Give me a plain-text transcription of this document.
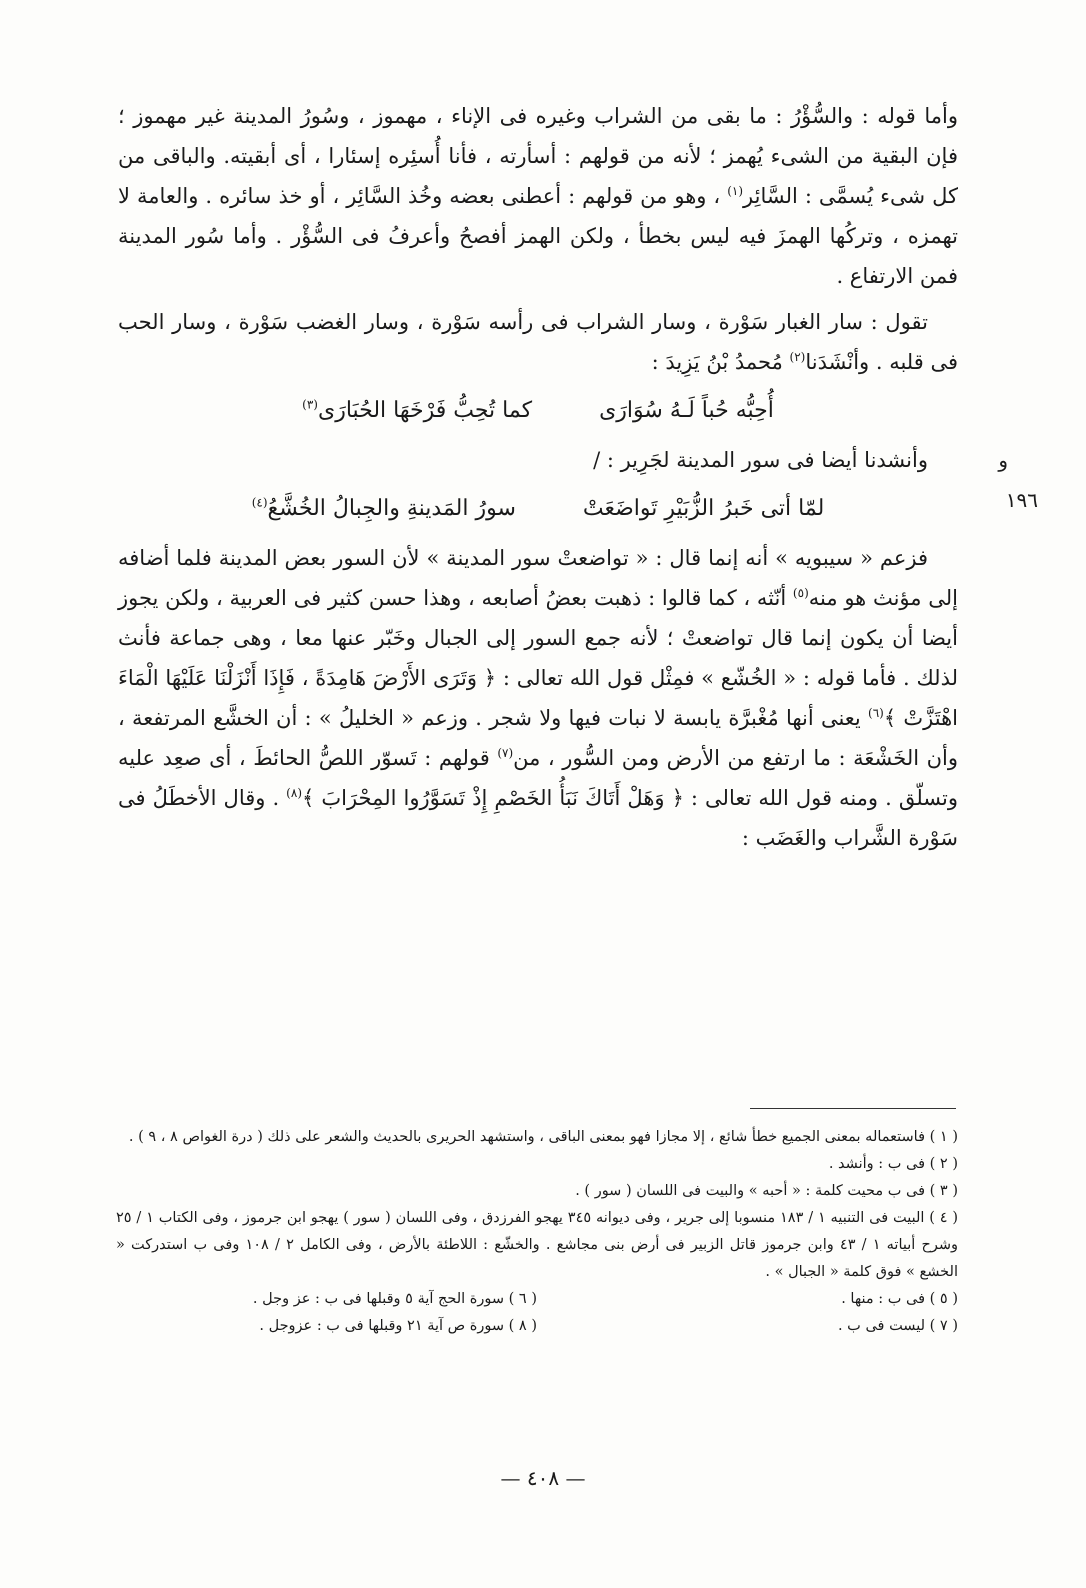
وأما قوله : والسُّؤْرُ : ما بقى من الشراب وغيره فى الإناء ، مهموز ، وسُورُ المدينة غير مهموز ؛ فإن البقية من الشىء يُهمز ؛ لأنه من قولهم : أسأرته ، فأنا أُسئِره إسئارا ، أى أبقيته. والباقى من كل شىء يُسمَّى : السَّائِر$^{(١)}$ ، وهو من قولهم : أعطنى بعضه وخُذ السَّائِر ، أو خذ سائره . والعامة لا تهمزه ، وتركُها الهمزَ فيه ليس بخطأ ، ولكن الهمز أفصحُ وأعرفُ فى السُّؤْر . وأما سُور المدينة فمن الارتفاع .

تقول : سار الغبار سَوْرة ، وسار الشراب فى رأسه سَوْرة ، وسار الغضب سَوْرة ، وسار الحب فى قلبه . وأنْشَدَنا$^{(٢)}$ مُحمدُ بْنُ يَزِيدَ :

أُحِبُّه حُباً لَـهُ سُوَارَى كما تُحِبُّ فَرْخَهَا الحُبَارَى$^{(٣)}$

و ١٩٦
وأنشدنا أيضا فى سور المدينة لجَرِير : /

لمّا أتى خَبرُ الزُّبَيْرِ تَواضَعَتْ سورُ المَدينةِ والجِبالُ الخُشَّعُ$^{(٤)}$

فزعم « سيبويه » أنه إنما قال : « تواضعتْ سور المدينة » لأن السور بعض المدينة فلما أضافه إلى مؤنث هو منه$^{(٥)}$ أنّثه ، كما قالوا : ذهبت بعضُ أصابعه ، وهذا حسن كثير فى العربية ، ولكن يجوز أيضا أن يكون إنما قال تواضعتْ ؛ لأنه جمع السور إلى الجبال وخَبّر عنها معا ، وهى جماعة فأنث لذلك . فأما قوله : « الخُشّع » فمِثْل قول الله تعالى : ﴿ وَتَرَى الأَرْضَ هَامِدَةً ، فَإِذَا أَنْزَلْنَا عَلَيْهَا الْمَاءَ اهْتَزَّتْ ﴾$^{(٦)}$ يعنى أنها مُغْبرَّة يابسة لا نبات فيها ولا شجر . وزعم « الخليلُ » : أن الخشَّع المرتفعة ، وأن الخَشْعَة : ما ارتفع من الأرض ومن السُّور ، من$^{(٧)}$ قولهم : تَسوّر اللصُّ الحائطَ ، أى صعِد عليه وتسلّق . ومنه قول الله تعالى : ﴿ وَهَلْ أَتَاكَ نَبَأُ الخَصْمِ إِذْ تَسَوَّرُوا المِحْرَابَ ﴾$^{(٨)}$ . وقال الأخطَلُ فى سَوْرة الشَّراب والغَضَب :

( ١ ) فاستعماله بمعنى الجميع خطأ شائع ، إلا مجازا فهو بمعنى الباقى ، واستشهد الحريرى بالحديث والشعر على ذلك ( درة الغواص ٨ ، ٩ ) .

( ٢ ) فى ب : وأنشد .

( ٣ ) فى ب محيت كلمة : « أحبه » والبيت فى اللسان ( سور ) .

( ٤ ) البيت فى التنبيه ١ / ١٨٣ منسوبا إلى جرير ، وفى ديوانه ٣٤٥ يهجو الفرزدق ، وفى اللسان ( سور ) يهجو ابن جرموز ، وفى الكتاب ١ / ٢٥ وشرح أبياته ١ / ٤٣ وابن جرموز قاتل الزبير فى أرض بنى مجاشع . والخشّع : اللاطئة بالأرض ، وفى الكامل ٢ / ١٠٨ وفى ب استدركت « الخشع » فوق كلمة « الجبال » .

( ٥ ) فى ب : منها .

( ٦ ) سورة الحج آية ٥ وقبلها فى ب : عز وجل .

( ٧ ) ليست فى ب .

( ٨ ) سورة ص آية ٢١ وقبلها فى ب : عزوجل .

— ٤٠٨ —
